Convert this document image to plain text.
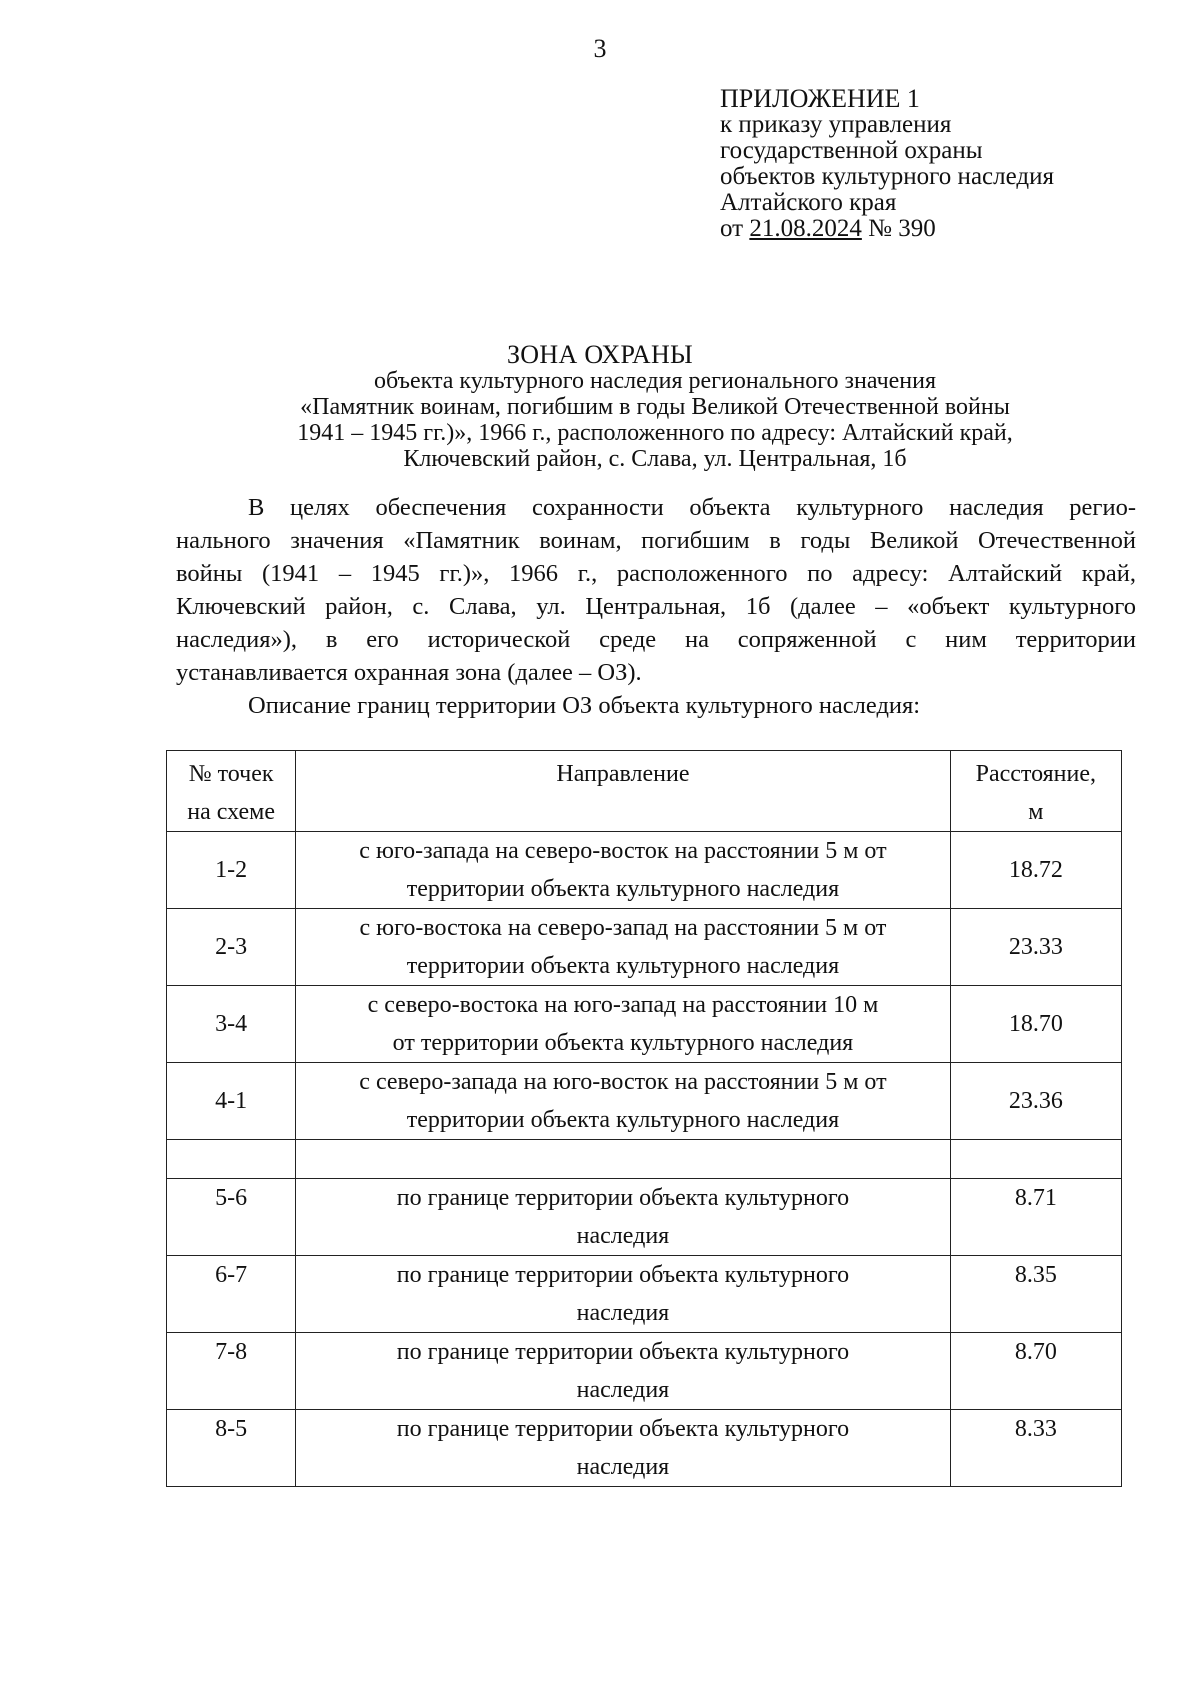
3
ПРИЛОЖЕНИЕ 1
к приказу управления
государственной охраны
объектов культурного наследия
Алтайского края
от 21.08.2024 № 390
ЗОНА ОХРАНЫ
объекта культурного наследия регионального значения
«Памятник воинам, погибшим в годы Великой Отечественной войны
1941 – 1945 гг.)», 1966 г., расположенного по адресу: Алтайский край,
Ключевский район, с. Слава, ул. Центральная, 1б

В целях обеспечения сохранности объекта культурного наследия регио-

нального значения «Памятник воинам, погибшим в годы Великой Отечественной

войны (1941 – 1945 гг.)», 1966 г., расположенного по адресу: Алтайский край,

Ключевский район, с. Слава, ул. Центральная, 1б (далее – «объект культурного

наследия»), в его исторической среде на сопряженной с ним территории

устанавливается охранная зона (далее – ОЗ).

Описание границ территории ОЗ объекта культурного наследия:

№ точек
на схеме	Направление	Расстояние,
м

1-2	с юго-запада на северо-восток на расстоянии 5 м от
территории объекта культурного наследия	18.72
2-3	с юго-востока на северо-запад на расстоянии 5 м от
территории объекта культурного наследия	23.33
3-4	с северо-востока на юго-запад на расстоянии 10 м
от территории объекта культурного наследия	18.70
4-1	с северо-запада на юго-восток на расстоянии 5 м от
территории объекта культурного наследия	23.36

5-6	по границе территории объекта культурного
наследия	8.71
6-7	по границе территории объекта культурного
наследия	8.35
7-8	по границе территории объекта культурного
наследия	8.70
8-5	по границе территории объекта культурного
наследия	8.33
